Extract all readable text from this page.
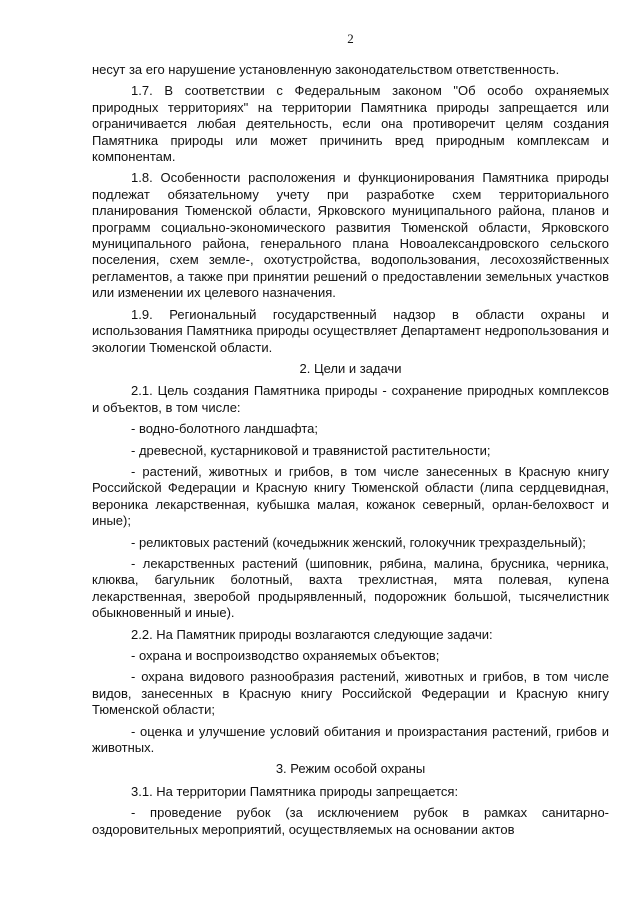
2

несут за его нарушение установленную законодательством ответственность.

1.7. В соответствии с Федеральным законом "Об особо охраняемых природных территориях" на территории Памятника природы запрещается или ограничивается любая деятельность, если она противоречит целям создания Памятника природы или может причинить вред природным комплексам и компонентам.

1.8. Особенности расположения и функционирования Памятника природы подлежат обязательному учету при разработке схем территориального планирования Тюменской области, Ярковского муниципального района, планов и программ социально-экономического развития Тюменской области, Ярковского муниципального района, генерального плана Новоалександровского сельского поселения, схем земле-, охотустройства, водопользования, лесохозяйственных регламентов, а также при принятии решений о предоставлении земельных участков или изменении их целевого назначения.

1.9. Региональный государственный надзор в области охраны и использования Памятника природы осуществляет Департамент недропользования и экологии Тюменской области.

2. Цели и задачи

2.1. Цель создания Памятника природы - сохранение природных комплексов и объектов, в том числе:

- водно-болотного ландшафта;

- древесной, кустарниковой и травянистой растительности;

- растений, животных и грибов, в том числе занесенных в Красную книгу Российской Федерации и Красную книгу Тюменской области (липа сердцевидная, вероника лекарственная, кубышка малая, кожанок северный, орлан-белохвост и иные);

- реликтовых растений (кочедыжник женский, голокучник трехраздельный);

- лекарственных растений (шиповник, рябина, малина, брусника, черника, клюква, багульник болотный, вахта трехлистная, мята полевая, купена лекарственная, зверобой продырявленный, подорожник большой, тысячелистник обыкновенный и иные).

2.2. На Памятник природы возлагаются следующие задачи:

- охрана и воспроизводство охраняемых объектов;

- охрана видового разнообразия растений, животных и грибов, в том числе видов, занесенных в Красную книгу Российской Федерации и Красную книгу Тюменской области;

- оценка и улучшение условий обитания и произрастания растений, грибов и животных.

3. Режим особой охраны

3.1. На территории Памятника природы запрещается:

- проведение рубок (за исключением рубок в рамках санитарно-оздоровительных мероприятий, осуществляемых на основании актов
